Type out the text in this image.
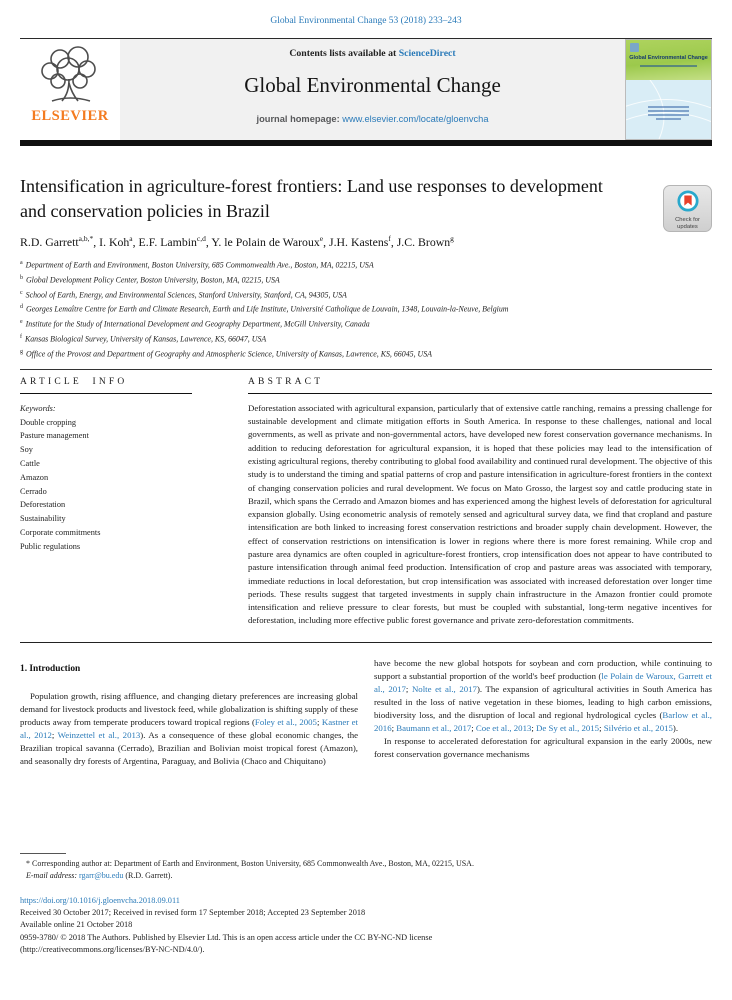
Global Environmental Change 53 (2018) 233–243
ELSEVIER
Contents lists available at ScienceDirect
Global Environmental Change
journal homepage: www.elsevier.com/locate/gloenvcha
Global Environmental Change
Intensification in agriculture-forest frontiers: Land use responses to development and conservation policies in Brazil
R.D. Garrett$^{a,b,*}$, I. Koh$^a$, E.F. Lambin$^{c,d}$, Y. le Polain de Waroux$^e$, J.H. Kastens$^f$, J.C. Brown$^g$
$^a$ Department of Earth and Environment, Boston University, 685 Commonwealth Ave., Boston, MA, 02215, USA
$^b$ Global Development Policy Center, Boston University, Boston, MA, 02215, USA
$^c$ School of Earth, Energy, and Environmental Sciences, Stanford University, Stanford, CA, 94305, USA
$^d$ Georges Lemaître Centre for Earth and Climate Research, Earth and Life Institute, Université Catholique de Louvain, 1348, Louvain-la-Neuve, Belgium
$^e$ Institute for the Study of International Development and Geography Department, McGill University, Canada
$^f$ Kansas Biological Survey, University of Kansas, Lawrence, KS, 66047, USA
$^g$ Office of the Provost and Department of Geography and Atmospheric Science, University of Kansas, Lawrence, KS, 66045, USA
ARTICLE INFO
Keywords:
Double cropping
Pasture management
Soy
Cattle
Amazon
Cerrado
Deforestation
Sustainability
Corporate commitments
Public regulations
ABSTRACT
Deforestation associated with agricultural expansion, particularly that of extensive cattle ranching, remains a pressing challenge for sustainable development and climate mitigation efforts in South America. In response to these challenges, national and local governments, as well as private and non-governmental actors, have developed new forest conservation governance mechanisms. In addition to reducing deforestation for agricultural expansion, it is hoped that these policies may lead to the intensification of existing agricultural regions, thereby contributing to global food availability and continued rural development. The objective of this study is to understand the timing and spatial patterns of crop and pasture intensification in agriculture-forest frontiers in the context of changing conservation policies and rural development. We focus on Mato Grosso, the largest soy and cattle producing state in Brazil, which spans the Cerrado and Amazon biomes and has experienced among the highest levels of deforestation for agricultural expansion globally. Using econometric analysis of remotely sensed and agricultural survey data, we find that cropland and pasture intensification are both linked to increasing forest conservation restrictions and broader supply chain development. However, the effect of conservation restrictions on intensification is lower in regions where there is more forest remaining. While crop and pasture area dynamics are often coupled in agriculture-forest frontiers, crop intensification does not appear to have contributed to pasture intensification through animal feed production. Intensification of crop and pasture areas was associated with temporary, immediate reductions in local deforestation, but crop intensification was associated with increased deforestation over longer time periods. These results suggest that targeted investments in supply chain infrastructure in the Amazon frontier could promote intensification and relieve pressure to clear forests, but must be coupled with substantial, long-term negative incentives for deforestation, including more effective public forest governance and private zero-deforestation commitments.
1. Introduction

Population growth, rising affluence, and changing dietary preferences are increasing global demand for livestock products and livestock feed, while globalization is shifting supply of these products away from temperate producers toward tropical regions (Foley et al., 2005; Kastner et al., 2012; Weinzettel et al., 2013). As a consequence of these global economic changes, the Brazilian tropical savanna (Cerrado), Brazilian and Bolivian moist tropical forest (Amazon), and seasonally dry forests of Argentina, Paraguay, and Bolivia (Chaco and Chiquitano)

have become the new global hotspots for soybean and corn production, while continuing to support a substantial proportion of the world's beef production (le Polain de Waroux, Garrett et al., 2017; Nolte et al., 2017). The expansion of agricultural activities in South America has resulted in the loss of native vegetation in these biomes, leading to high carbon emissions, biodiversity loss, and the disruption of local and regional hydrological cycles (Barlow et al., 2016; Baumann et al., 2017; Coe et al., 2013; De Sy et al., 2015; Silvério et al., 2015).

In response to accelerated deforestation for agricultural expansion in the early 2000s, new forest conservation governance mechanisms

Check for updates
* Corresponding author at: Department of Earth and Environment, Boston University, 685 Commonwealth Ave., Boston, MA, 02215, USA.
E-mail address: rgarr@bu.edu (R.D. Garrett).
https://doi.org/10.1016/j.gloenvcha.2018.09.011
Received 30 October 2017; Received in revised form 17 September 2018; Accepted 23 September 2018
Available online 21 October 2018
0959-3780/ © 2018 The Authors. Published by Elsevier Ltd. This is an open access article under the CC BY-NC-ND license
(http://creativecommons.org/licenses/BY-NC-ND/4.0/).
